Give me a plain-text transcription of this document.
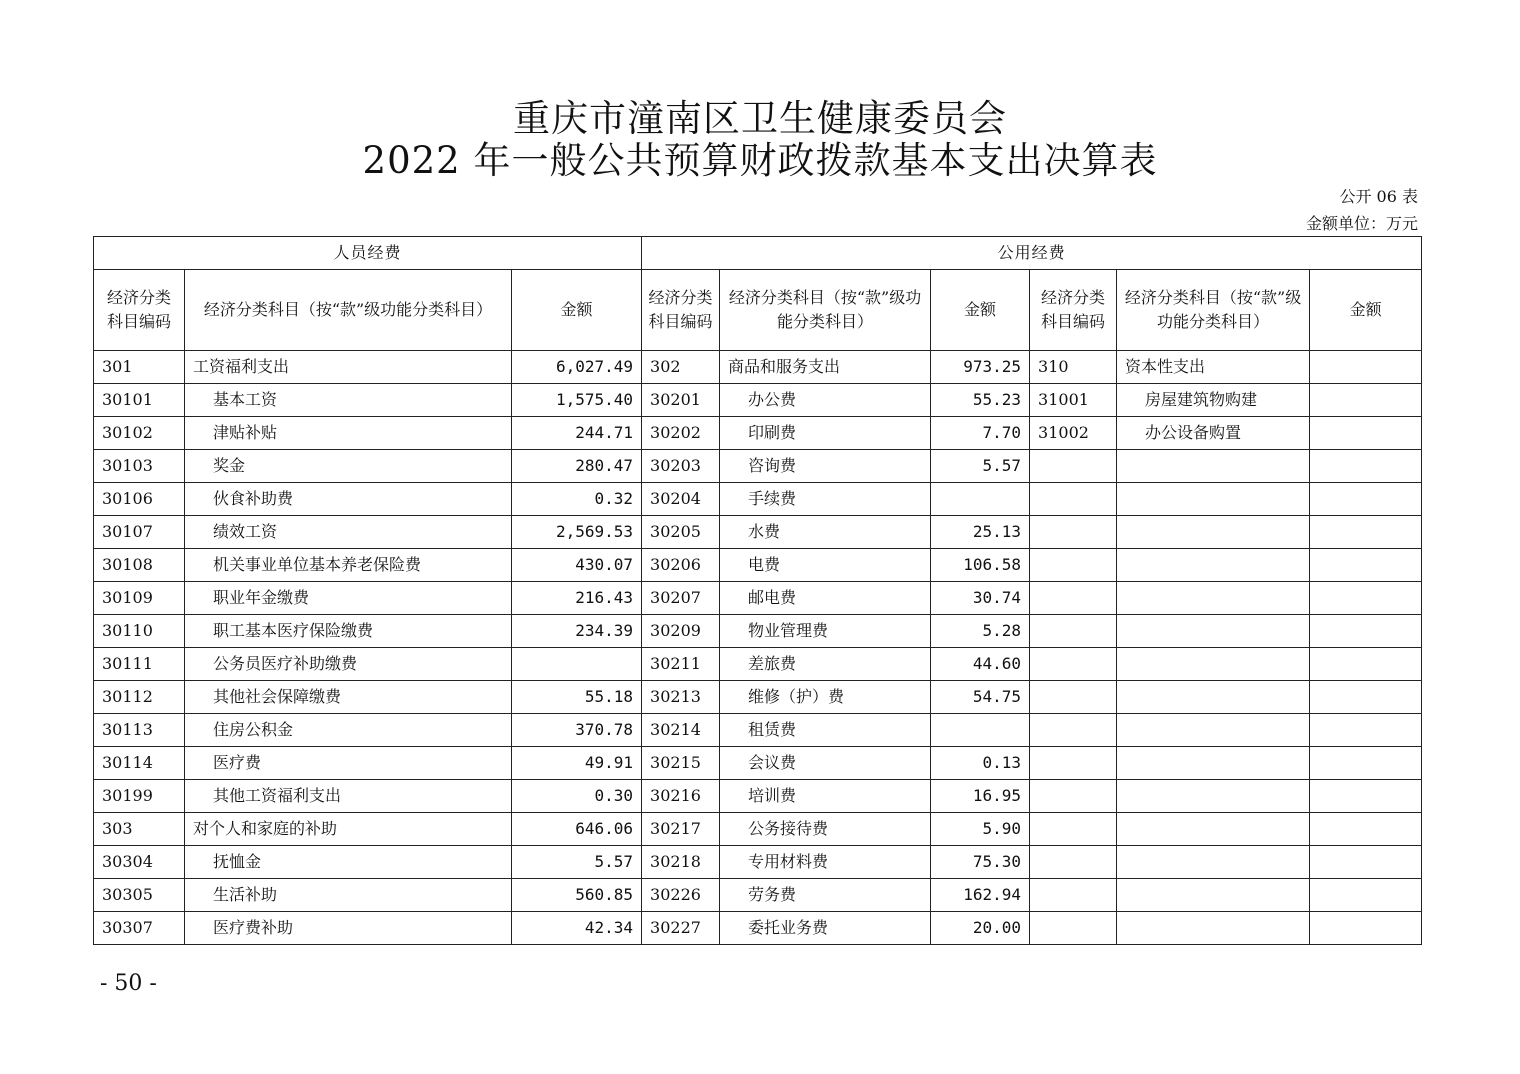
重庆市潼南区卫生健康委员会
2022 年一般公共预算财政拨款基本支出决算表
公开 06 表
金额单位：万元
人员经费			公用经费					
经济分类科目编码	经济分类科目（按“款”级功能分类科目）	金额	经济分类科目编码	经济分类科目（按“款”级功能分类科目）	金额	经济分类科目编码	经济分类科目（按“款”级功能分类科目）	金额
301	工资福利支出	6,027.49	302	商品和服务支出	973.25	310	资本性支出	
30101	基本工资	1,575.40	30201	办公费	55.23	31001	房屋建筑物购建	
30102	津贴补贴	244.71	30202	印刷费	7.70	31002	办公设备购置	
30103	奖金	280.47	30203	咨询费	5.57			
30106	伙食补助费	0.32	30204	手续费				
30107	绩效工资	2,569.53	30205	水费	25.13			
30108	机关事业单位基本养老保险费	430.07	30206	电费	106.58			
30109	职业年金缴费	216.43	30207	邮电费	30.74			
30110	职工基本医疗保险缴费	234.39	30209	物业管理费	5.28			
30111	公务员医疗补助缴费		30211	差旅费	44.60			
30112	其他社会保障缴费	55.18	30213	维修（护）费	54.75			
30113	住房公积金	370.78	30214	租赁费				
30114	医疗费	49.91	30215	会议费	0.13			
30199	其他工资福利支出	0.30	30216	培训费	16.95			
303	对个人和家庭的补助	646.06	30217	公务接待费	5.90			
30304	抚恤金	5.57	30218	专用材料费	75.30			
30305	生活补助	560.85	30226	劳务费	162.94			
30307	医疗费补助	42.34	30227	委托业务费	20.00			
- 50 -
